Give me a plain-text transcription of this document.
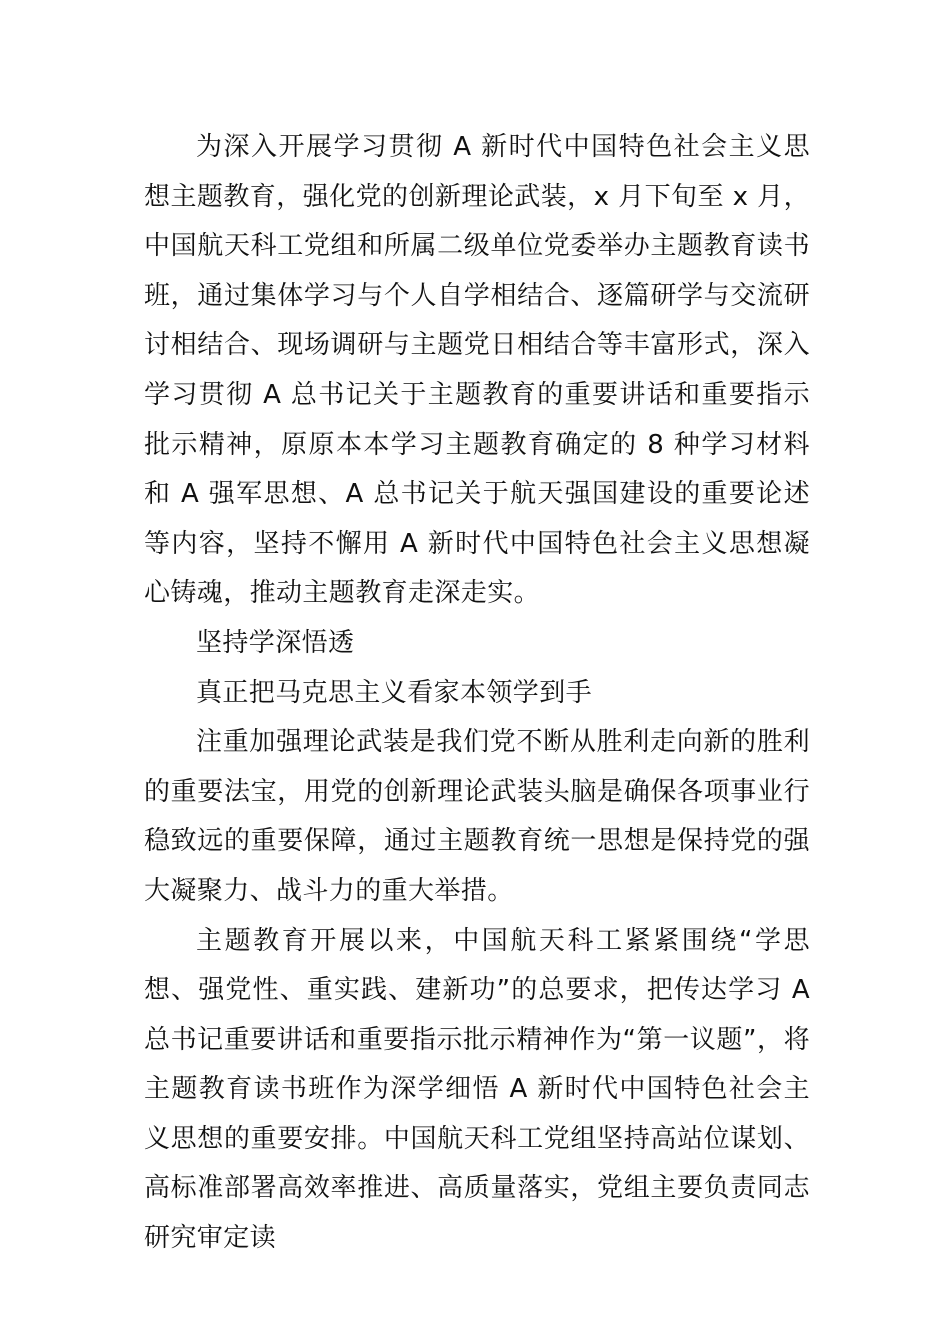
为深入开展学习贯彻 A 新时代中国特色社会主义思想主题教育，强化党的创新理论武装，x 月下旬至 x 月，中国航天科工党组和所属二级单位党委举办主题教育读书班，通过集体学习与个人自学相结合、逐篇研学与交流研讨相结合、现场调研与主题党日相结合等丰富形式，深入学习贯彻 A 总书记关于主题教育的重要讲话和重要指示批示精神，原原本本学习主题教育确定的 8 种学习材料和 A 强军思想、A 总书记关于航天强国建设的重要论述等内容，坚持不懈用 A 新时代中国特色社会主义思想凝心铸魂，推动主题教育走深走实。

坚持学深悟透

真正把马克思主义看家本领学到手

注重加强理论武装是我们党不断从胜利走向新的胜利的重要法宝，用党的创新理论武装头脑是确保各项事业行稳致远的重要保障，通过主题教育统一思想是保持党的强大凝聚力、战斗力的重大举措。

主题教育开展以来，中国航天科工紧紧围绕“学思想、强党性、重实践、建新功”的总要求，把传达学习 A 总书记重要讲话和重要指示批示精神作为“第一议题”，将主题教育读书班作为深学细悟 A 新时代中国特色社会主义思想的重要安排。中国航天科工党组坚持高站位谋划、高标准部署高效率推进、高质量落实，党组主要负责同志研究审定读
